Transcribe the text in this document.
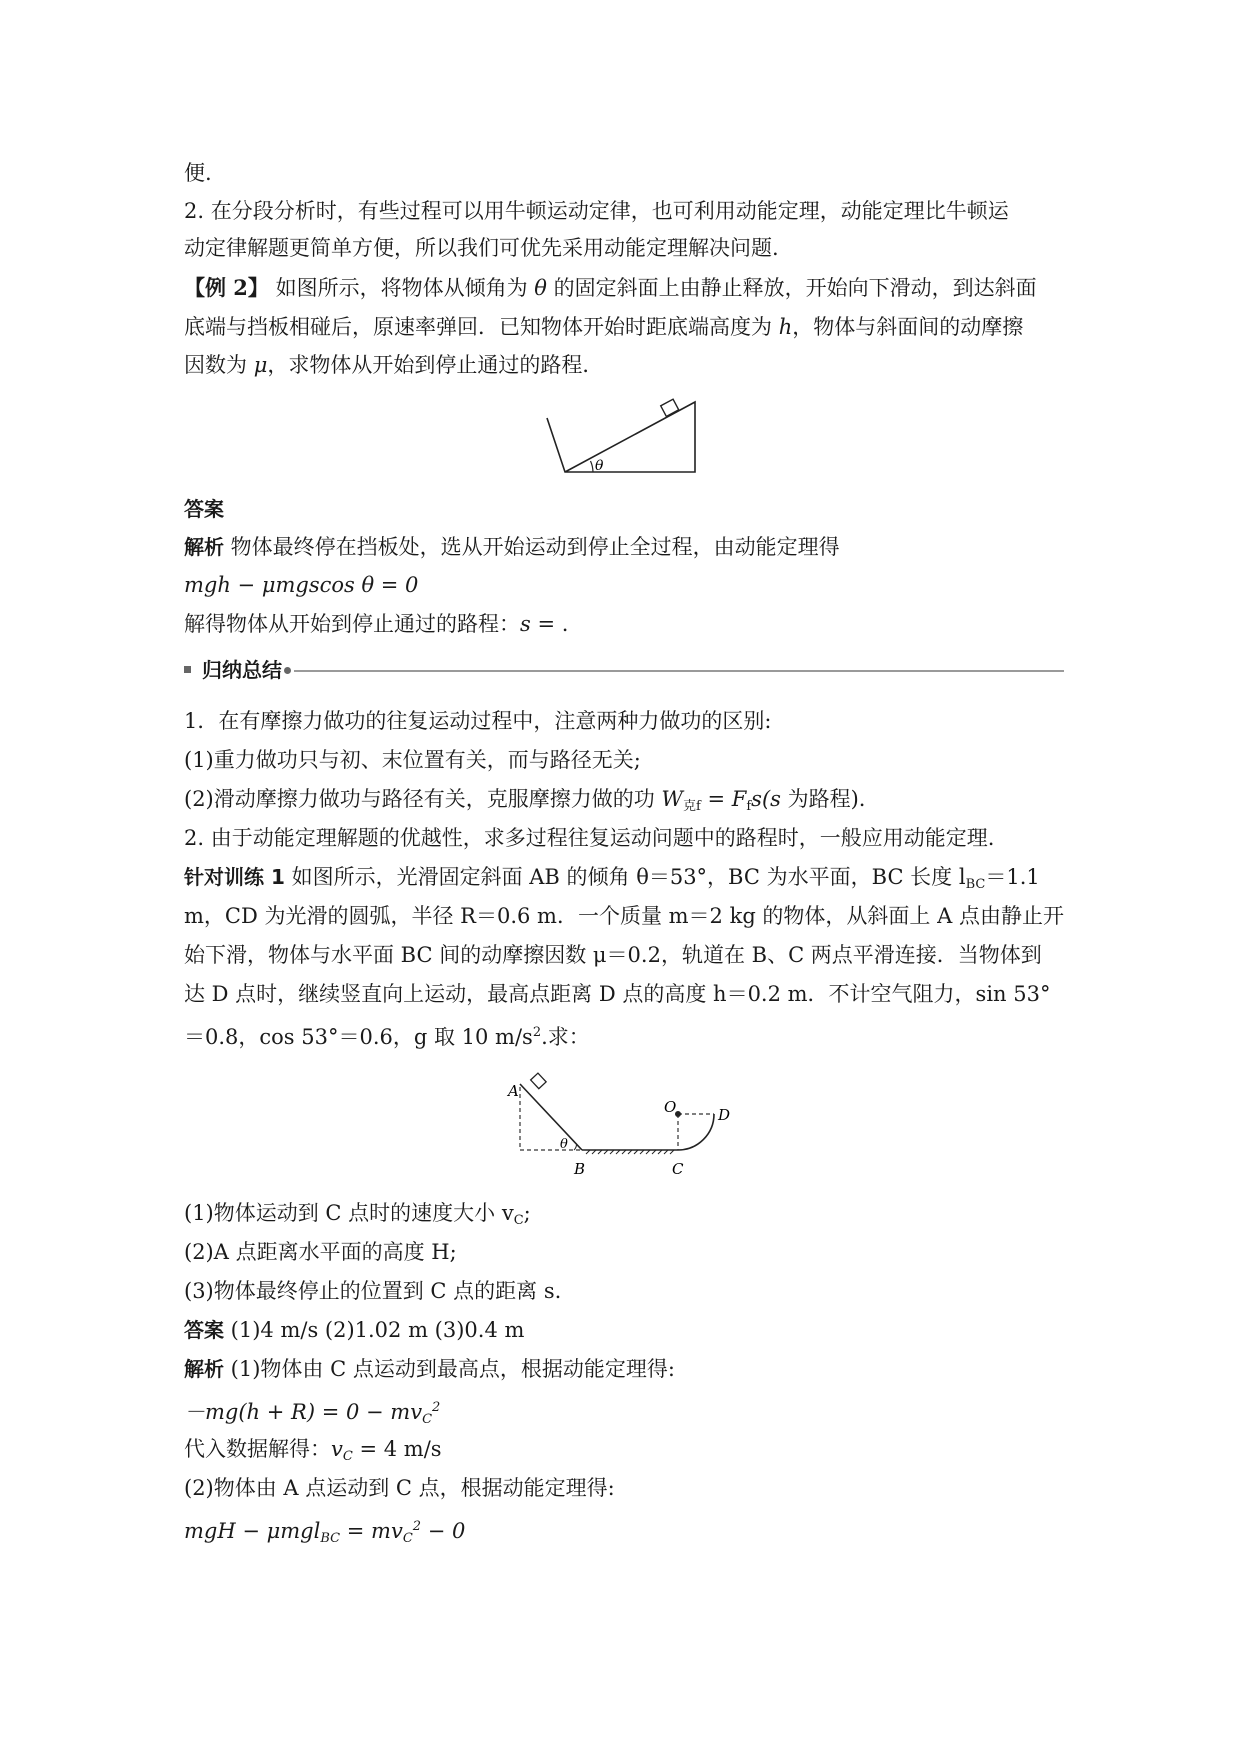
便.
2. 在分段分析时，有些过程可以用牛顿运动定律，也可利用动能定理，动能定理比牛顿运
动定律解题更简单方便，所以我们可优先采用动能定理解决问题.
【例 2】 如图所示，将物体从倾角为 θ 的固定斜面上由静止释放，开始向下滑动，到达斜面
底端与挡板相碰后，原速率弹回．已知物体开始时距底端高度为 h，物体与斜面间的动摩擦
因数为 μ，求物体从开始到停止通过的路程．
θ
答案
解析 物体最终停在挡板处，选从开始运动到停止全过程，由动能定理得
mgh − μmgscos θ = 0
解得物体从开始到停止通过的路程：s = .
归纳总结
1．在有摩擦力做功的往复运动过程中，注意两种力做功的区别:
(1)重力做功只与初、末位置有关，而与路径无关;
(2)滑动摩擦力做功与路径有关，克服摩擦力做的功 $W_{克f} = F_fs(s$ 为路程).
2. 由于动能定理解题的优越性，求多过程往复运动问题中的路程时，一般应用动能定理.
针对训练 1 如图所示，光滑固定斜面 AB 的倾角 θ＝53°，BC 为水平面，BC 长度 $l_{BC}=1.1$
m，CD 为光滑的圆弧，半径 R＝0.6 m．一个质量 m＝2 kg 的物体，从斜面上 A 点由静止开
始下滑，物体与水平面 BC 间的动摩擦因数 μ＝0.2，轨道在 B、C 两点平滑连接．当物体到
达 D 点时，继续竖直向上运动，最高点距离 D 点的高度 h＝0.2 m．不计空气阻力，sin 53°
＝0.8，cos 53°＝0.6，g 取 10 $m/s^2$.求：
A
θ
B	C
O	D
(1)物体运动到 C 点时的速度大小 $v_C$;
(2)A 点距离水平面的高度 H;
(3)物体最终停止的位置到 C 点的距离 s.
答案 (1)4 m/s (2)1.02 m (3)0.4 m
解析 (1)物体由 C 点运动到最高点，根据动能定理得:
$-mg(h + R) = 0 - mv_C^2$
代入数据解得：$v_C = 4$ m/s
(2)物体由 A 点运动到 C 点，根据动能定理得:
mgH − $\mu mgl_{BC} = mv_C^2 - 0$
